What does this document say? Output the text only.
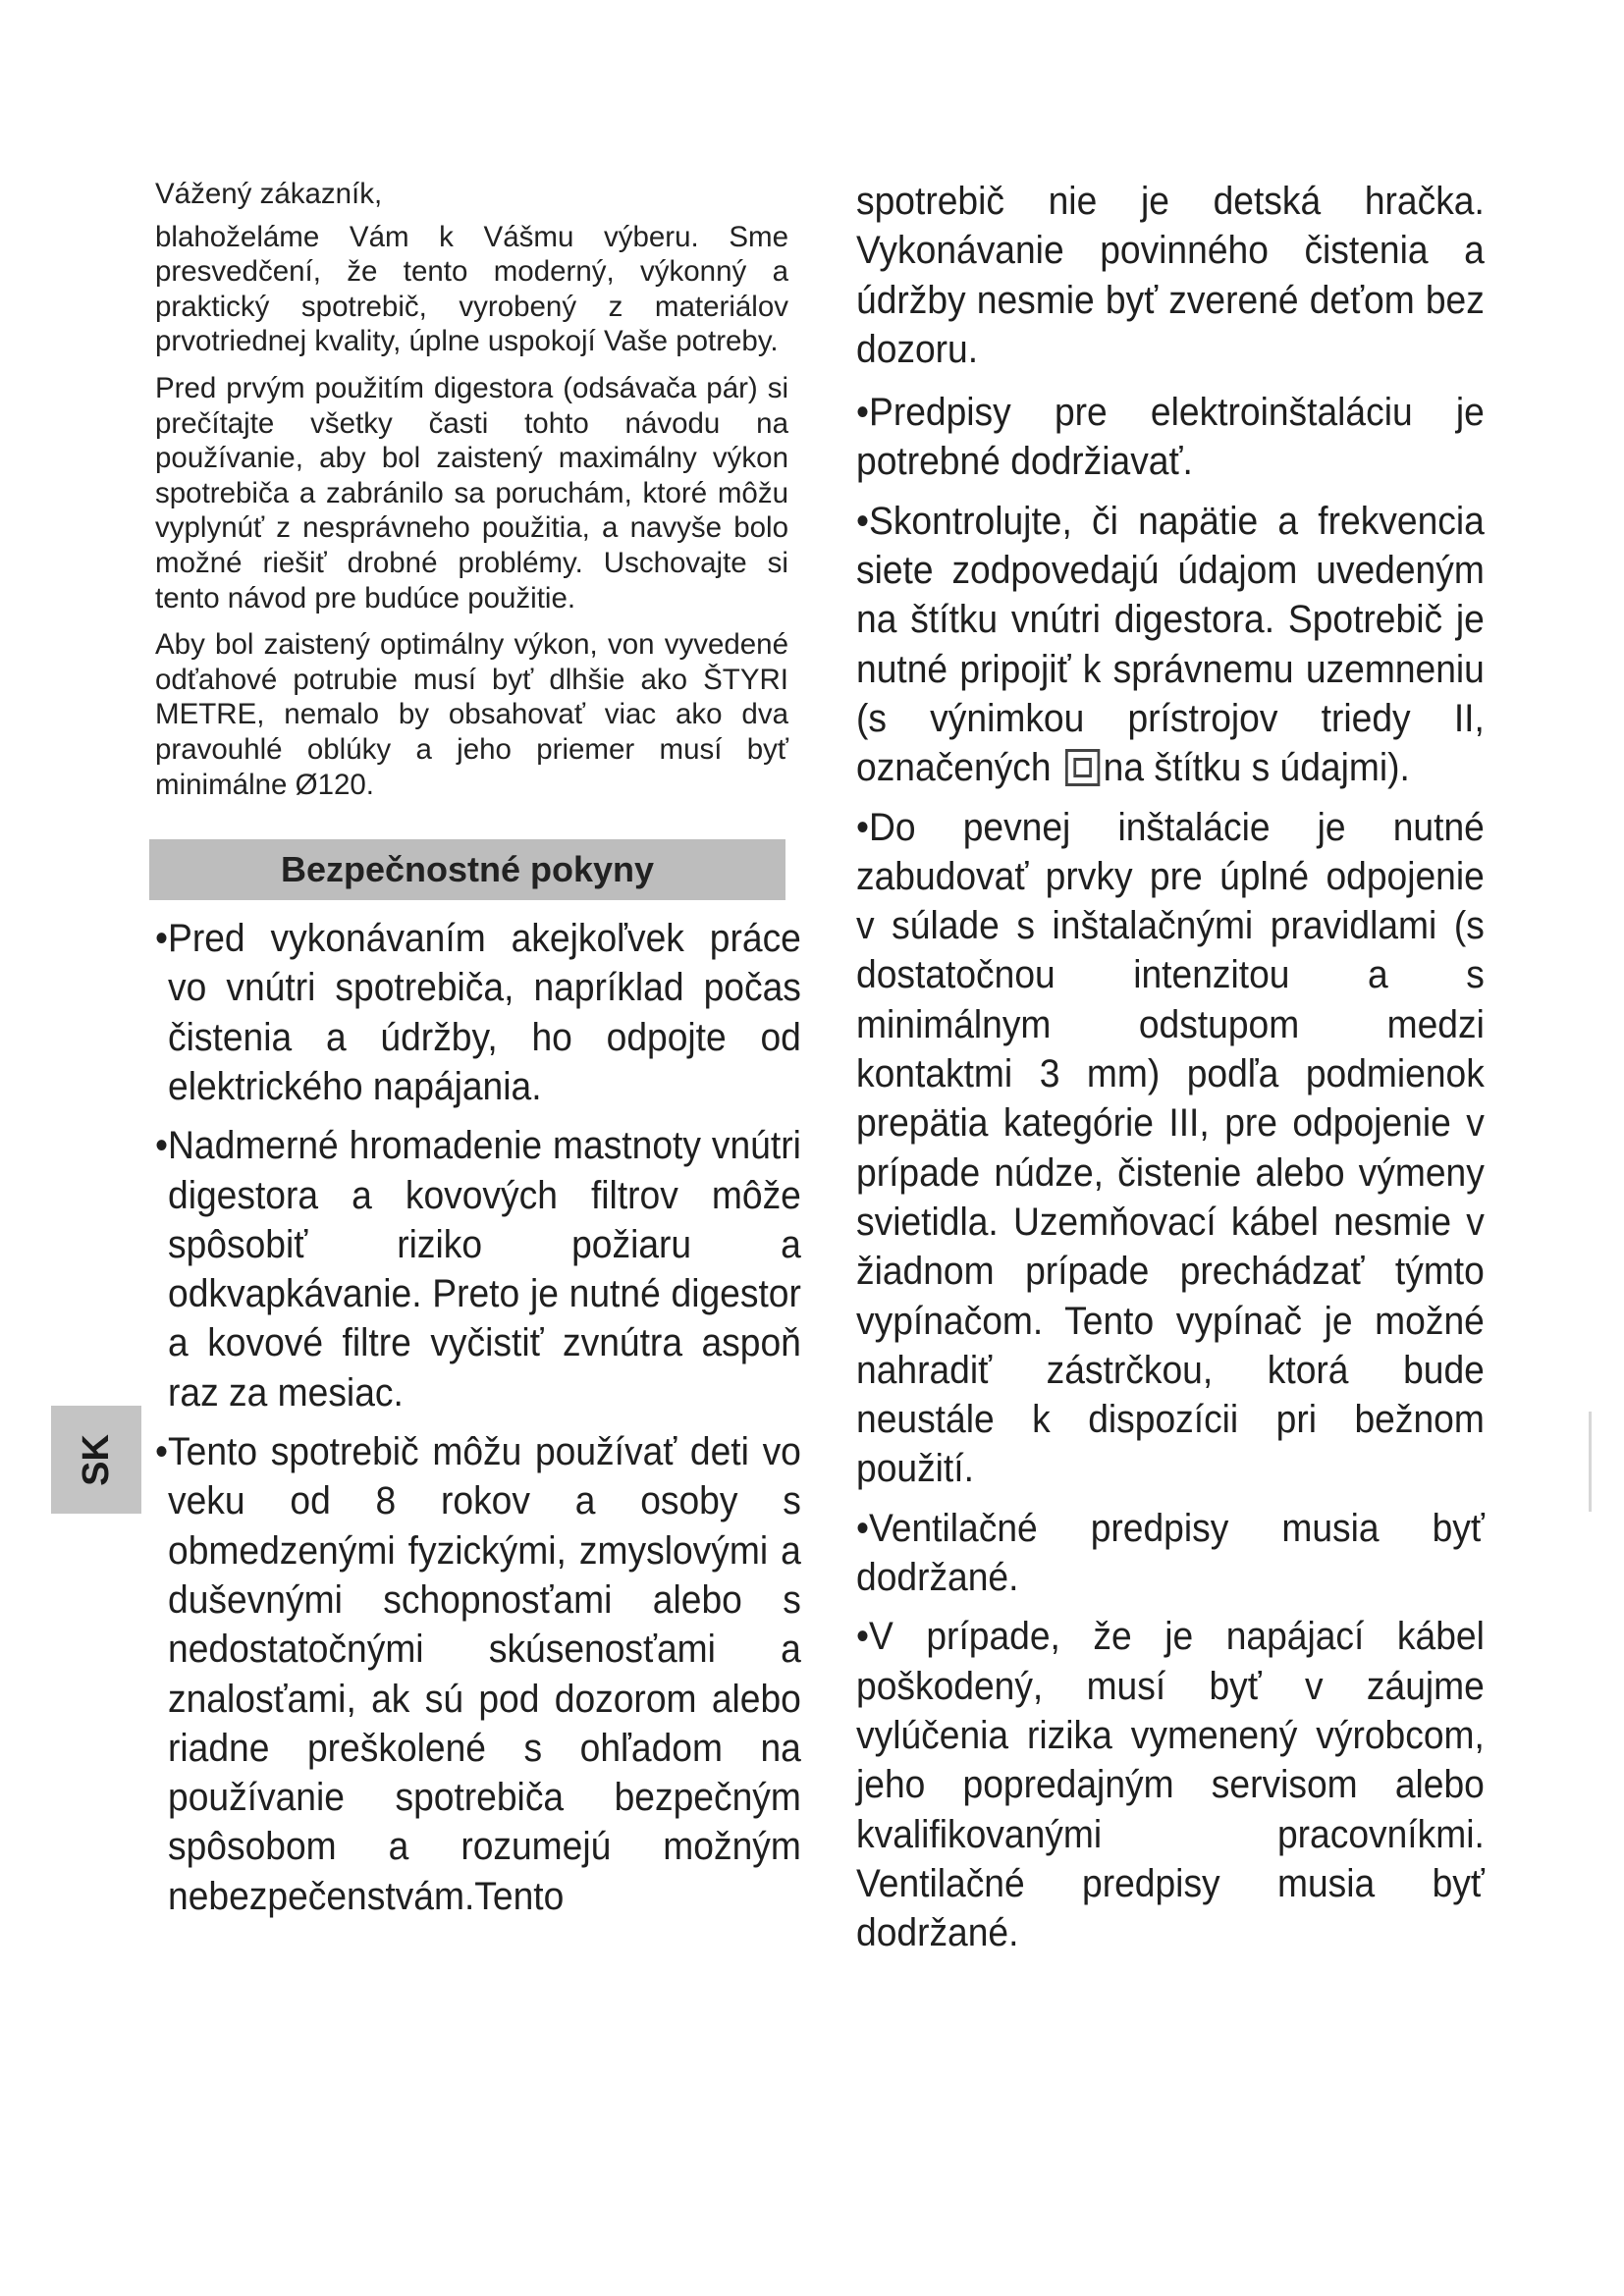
Vážený zákazník,

blahoželáme Vám k Vášmu výberu. Sme presvedčení, že tento moderný, výkonný a praktický spotrebič, vyrobený z materiálov prvotriednej kvality, úplne uspokojí Vaše potreby.

Pred prvým použitím digestora (odsávača pár) si prečítajte všetky časti tohto návodu na používanie, aby bol zaistený maximálny výkon spotrebiča a zabránilo sa poruchám, ktoré môžu vyplynúť z nesprávneho použitia, a navyše bolo možné riešiť drobné problémy. Uschovajte si tento návod pre budúce použitie.

Aby bol zaistený optimálny výkon, von vyvedené odťahové potrubie musí byť dlhšie ako ŠTYRI METRE, nemalo by obsahovať viac ako dva pravouhlé oblúky a jeho priemer musí byť minimálne Ø120.

Bezpečnostné pokyny

•Pred vykonávaním akejkoľvek práce vo vnútri spotrebiča, napríklad počas čistenia a údržby, ho odpojte od elektrického napájania.

•Nadmerné hromadenie mastnoty vnútri digestora a kovových filtrov môže spôsobiť riziko požiaru a odkvapkávanie. Preto je nutné digestor a kovové filtre vyčistiť zvnútra aspoň raz za mesiac.

•Tento spotrebič môžu používať deti vo veku od 8 rokov a osoby s obmedzenými fyzickými, zmyslovými a duševnými schopnosťami alebo s nedostatočnými skúsenosťami a znalosťami, ak sú pod dozorom alebo riadne preškolené s ohľadom na používanie spotrebiča bezpečným spôsobom a rozumejú možným nebezpečenstvám.Tento

spotrebič nie je detská hračka. Vykonávanie povinného čistenia a údržby nesmie byť zverené deťom bez dozoru.

•Predpisy pre elektroinštaláciu je potrebné dodržiavať.

•Skontrolujte, či napätie a frekvencia siete zodpovedajú údajom uvedeným na štítku vnútri digestora. Spotrebič je nutné pripojiť k správnemu uzemneniu (s výnimkou prístrojov triedy II, označených na štítku s údajmi).

•Do pevnej inštalácie je nutné zabudovať prvky pre úplné odpojenie v súlade s inštalačnými pravidlami (s dostatočnou intenzitou a s minimálnym odstupom medzi kontaktmi 3 mm) podľa podmienok prepätia kategórie III, pre odpojenie v prípade núdze, čistenie alebo výmeny svietidla. Uzemňovací kábel nesmie v žiadnom prípade prechádzať týmto vypínačom. Tento vypínač je možné nahradiť zástrčkou, ktorá bude neustále k dispozícii pri bežnom použití.

•Ventilačné predpisy musia byť dodržané.

•V prípade, že je napájací kábel poškodený, musí byť v záujme vylúčenia rizika vymenený výrobcom, jeho popredajným servisom alebo kvalifikovanými pracovníkmi. Ventilačné predpisy musia byť dodržané.

SK
